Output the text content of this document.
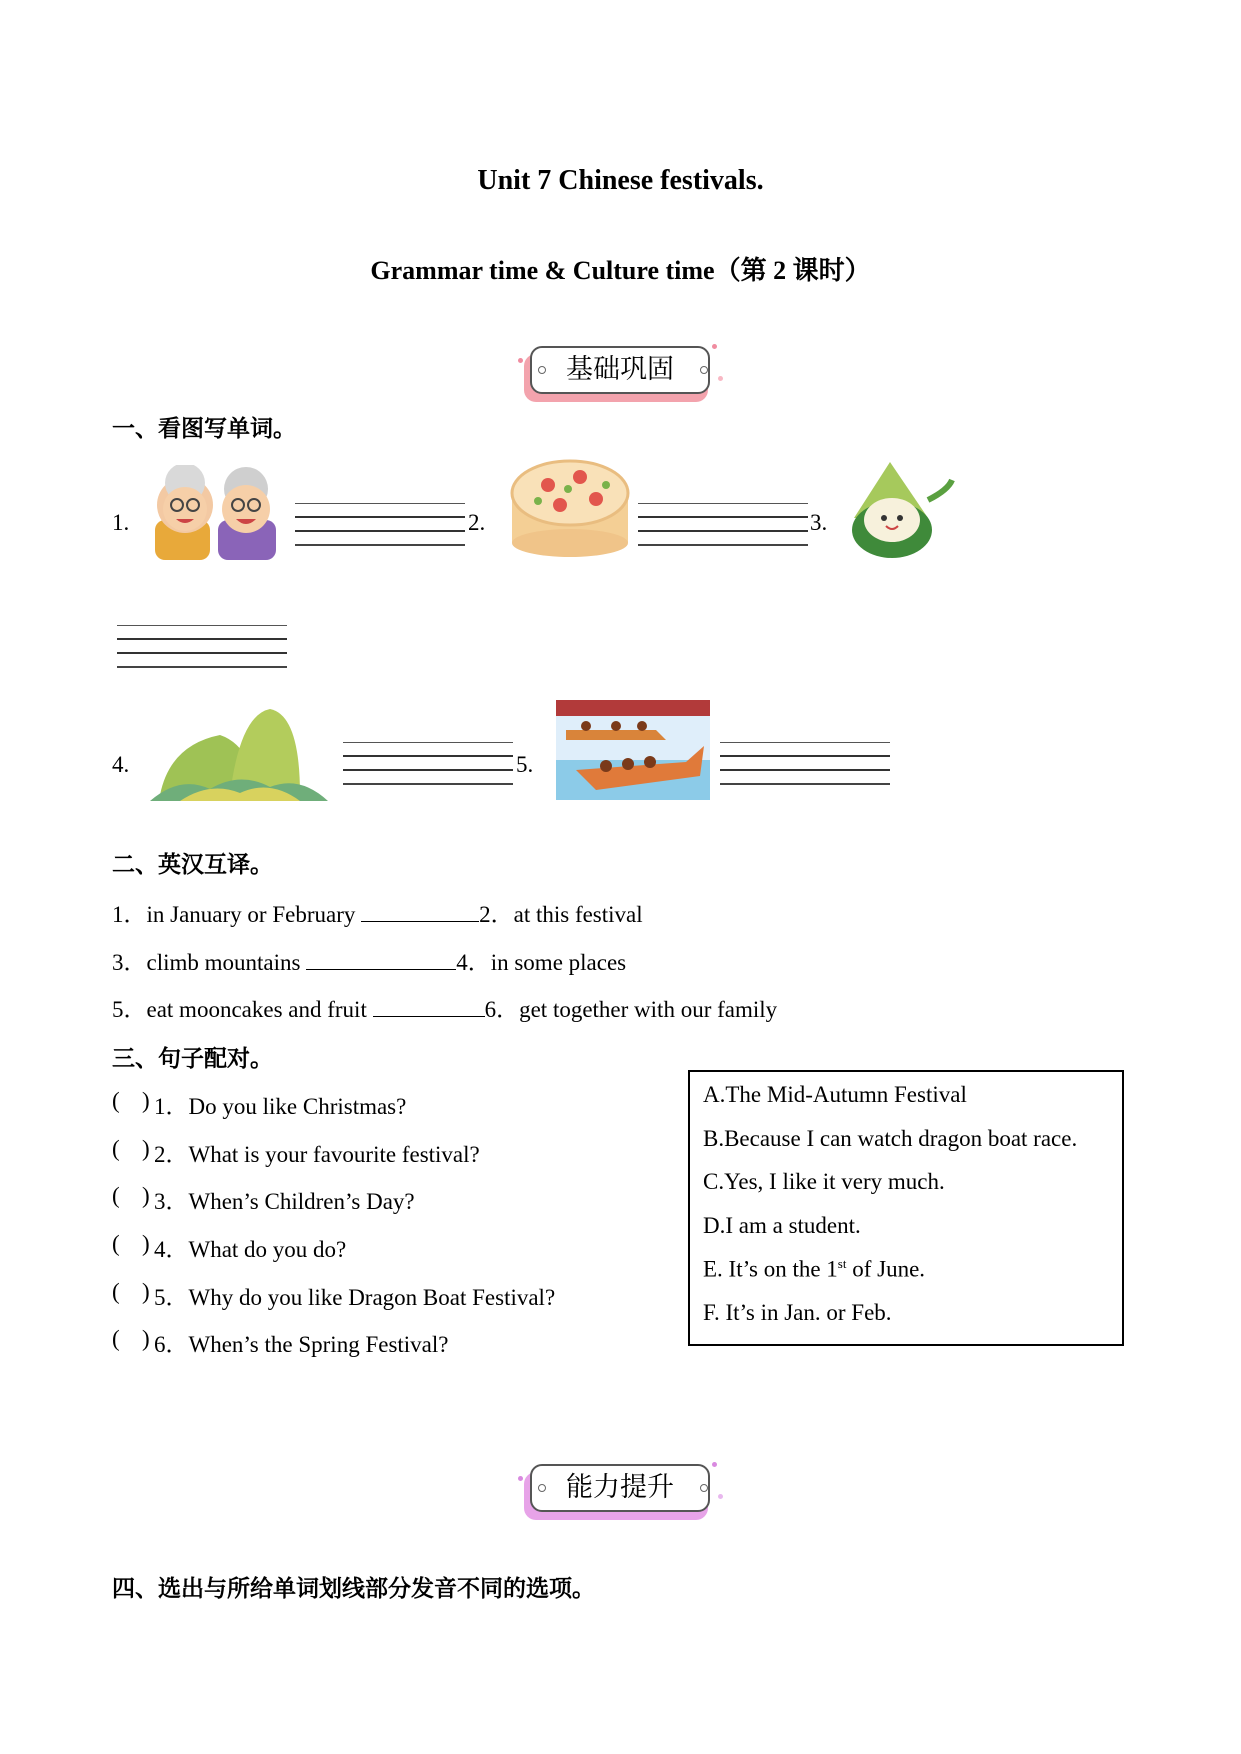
Unit 7 Chinese festivals.
Grammar time & Culture time（第 2 课时）
基础巩固
一、看图写单词。
1.	2.	3.
4.	5.
二、英汉互译。
1．in January or February	2．at this festival
3．climb mountains	4．in some places
5．eat mooncakes and fruit	6．get together with our family
三、句子配对。
( ) 1．Do you like Christmas?
( ) 2．What is your favourite festival?
( ) 3．When’s Children’s Day?
( ) 4．What do you do?
( ) 5．Why do you like Dragon Boat Festival?
( ) 6．When’s the Spring Festival?
A.The Mid-Autumn Festival
B.Because I can watch dragon boat race.
C.Yes, I like it very much.
D.I am a student.
E. It’s on the 1st of June.
F. It’s in Jan. or Feb.
能力提升
四、选出与所给单词划线部分发音不同的选项。
